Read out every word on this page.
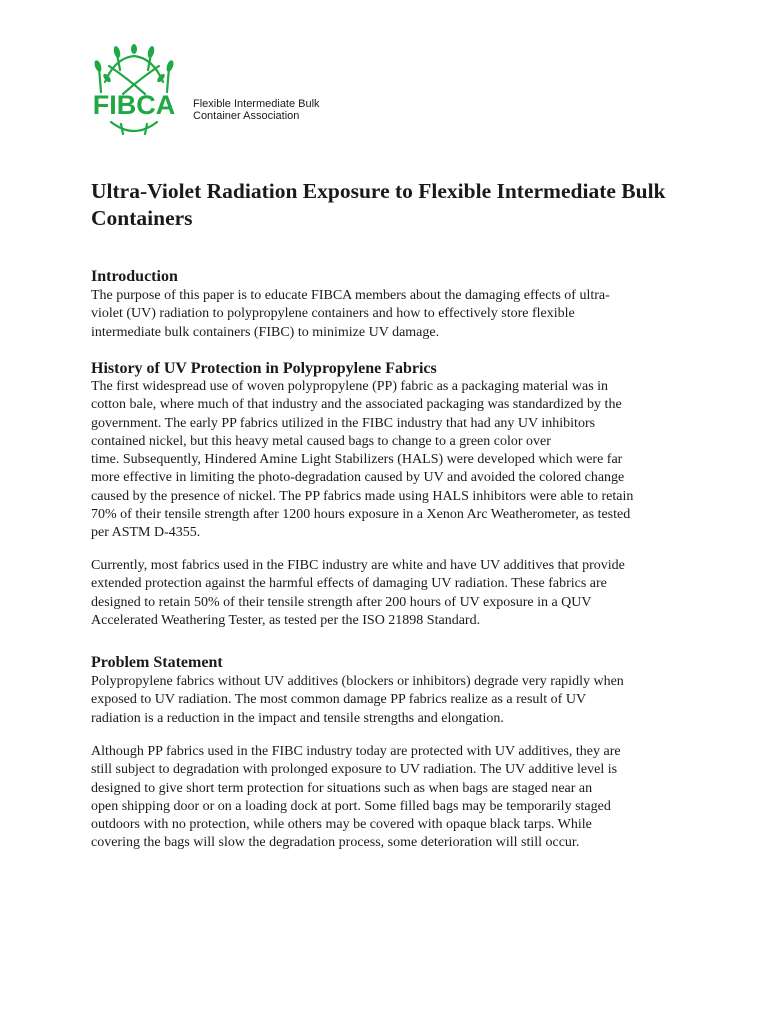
FIBCA Flexible Intermediate Bulk
Container Association
Ultra-Violet Radiation Exposure to Flexible Intermediate Bulk Containers
Introduction

The purpose of this paper is to educate FIBCA members about the damaging effects of ultra-
violet (UV) radiation to polypropylene containers and how to effectively store flexible
intermediate bulk containers (FIBC) to minimize UV damage.

History of UV Protection in Polypropylene Fabrics

The first widespread use of woven polypropylene (PP) fabric as a packaging material was in
cotton bale, where much of that industry and the associated packaging was standardized by the
government. The early PP fabrics utilized in the FIBC industry that had any UV inhibitors
contained nickel, but this heavy metal caused bags to change to a green color over
time. Subsequently, Hindered Amine Light Stabilizers (HALS) were developed which were far
more effective in limiting the photo-degradation caused by UV and avoided the colored change
caused by the presence of nickel. The PP fabrics made using HALS inhibitors were able to retain
70% of their tensile strength after 1200 hours exposure in a Xenon Arc Weatherometer, as tested
per ASTM D-4355.

Currently, most fabrics used in the FIBC industry are white and have UV additives that provide
extended protection against the harmful effects of damaging UV radiation. These fabrics are
designed to retain 50% of their tensile strength after 200 hours of UV exposure in a QUV
Accelerated Weathering Tester, as tested per the ISO 21898 Standard.

Problem Statement

Polypropylene fabrics without UV additives (blockers or inhibitors) degrade very rapidly when
exposed to UV radiation. The most common damage PP fabrics realize as a result of UV
radiation is a reduction in the impact and tensile strengths and elongation.

Although PP fabrics used in the FIBC industry today are protected with UV additives, they are
still subject to degradation with prolonged exposure to UV radiation. The UV additive level is
designed to give short term protection for situations such as when bags are staged near an
open shipping door or on a loading dock at port. Some filled bags may be temporarily staged
outdoors with no protection, while others may be covered with opaque black tarps. While
covering the bags will slow the degradation process, some deterioration will still occur.
